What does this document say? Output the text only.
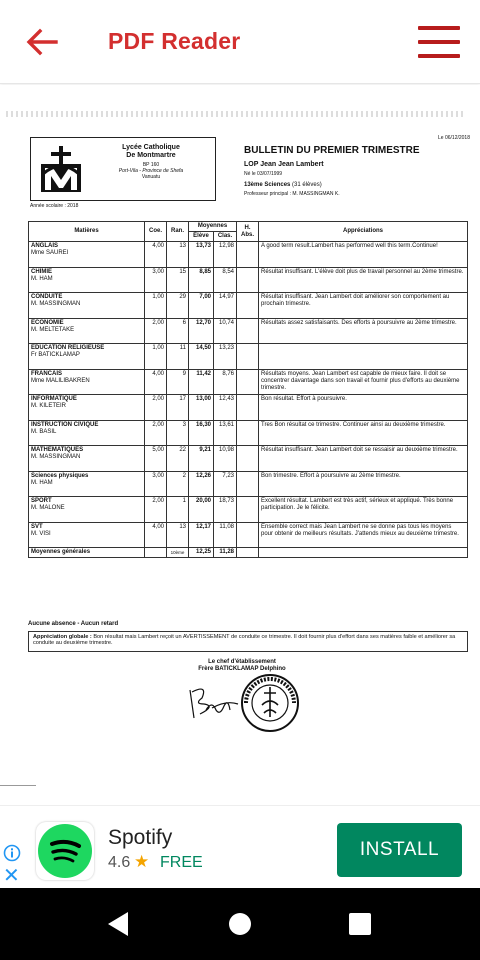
PDF Reader
Lycée Catholique
De Montmartre
BP 160
Port-Vila - Province de Shefa
Vanuatu
Année scolaire : 2018
Le 06/12/2018
BULLETIN DU PREMIER TRIMESTRE
LOP Jean Jean Lambert
Né le 03/07/1999
13ème Sciences (31 élèves)
Professeur principal : M. MASSINGMAN K.
Matières	Coe.	Ran.	Moyennes		H. Abs.	Appréciations
			Élève	Clas.		

ANGLAIS
Mme SAUREI	4,00	13	13,73	12,98		A good term result.Lambert has performed well this term.Continue!

CHIMIE
M. HAM	3,00	15	8,85	8,54		Résultat insuffisant. L'élève doit plus de travail personnel au 2ème trimestre.

CONDUITE
M. MASSINGMAN	1,00	29	7,00	14,97		Résultat insuffisant. Jean Lambert doit améliorer son comportement au prochain trimestre.

ECONOMIE
M. MELTETAKE	2,00	6	12,70	10,74		Résultats assez satisfaisants. Des efforts à poursuivre au 2ème trimestre.

EDUCATION RELIGIEUSE
Fr BATICKLAMAP	1,00	11	14,50	13,23		

FRANCAIS
Mme MALILIBAKREN	4,00	9	11,42	8,76		Résultats moyens. Jean Lambert est capable de mieux faire. Il doit se concentrer davantage dans son travail et fournir plus d'efforts au deuxième trimestre.

INFORMATIQUE
M. KILETEIR	2,00	17	13,00	12,43		Bon résultat. Effort à poursuivre.

INSTRUCTION CIVIQUE
M. BASIL	2,00	3	16,30	13,61		Tres Bon résultat ce trimestre. Continuer ainsi au deuxième trimestre.

MATHEMATIQUES
M. MASSINGMAN	5,00	22	9,21	10,98		Résultat insuffisant. Jean Lambert doit se ressaisir au deuxième trimestre.

Sciences physiques
M. HAM	3,00	2	12,26	7,23		Bon trimestre. Effort à poursuivre au 2ème trimestre.

SPORT
M. MALONE	2,00	1	20,00	18,73		Excellent résultat. Lambert est très actif, sérieux et appliqué. Très bonne participation. Je le félicite.

SVT
M. VISI	4,00	13	12,17	11,08		Ensemble correct mais Jean Lambert ne se donne pas tous les moyens pour obtenir de meilleurs résultats. J'attends mieux au deuxième trimestre.
Moyennes générales		10ème	12,25	11,28		
Aucune absence - Aucun retard
Appréciation globale : Bon résultat mais Lambert reçoit un AVERTISSEMENT de conduite ce trimestre. Il doit fournir plus d'effort dans ses matières faible et améliorer sa conduite au deuxième trimestre.
Le chef d'établissement
Frère BATICKLAMAP Delphino
✕
Spotify
4.6 ★ FREE
INSTALL
